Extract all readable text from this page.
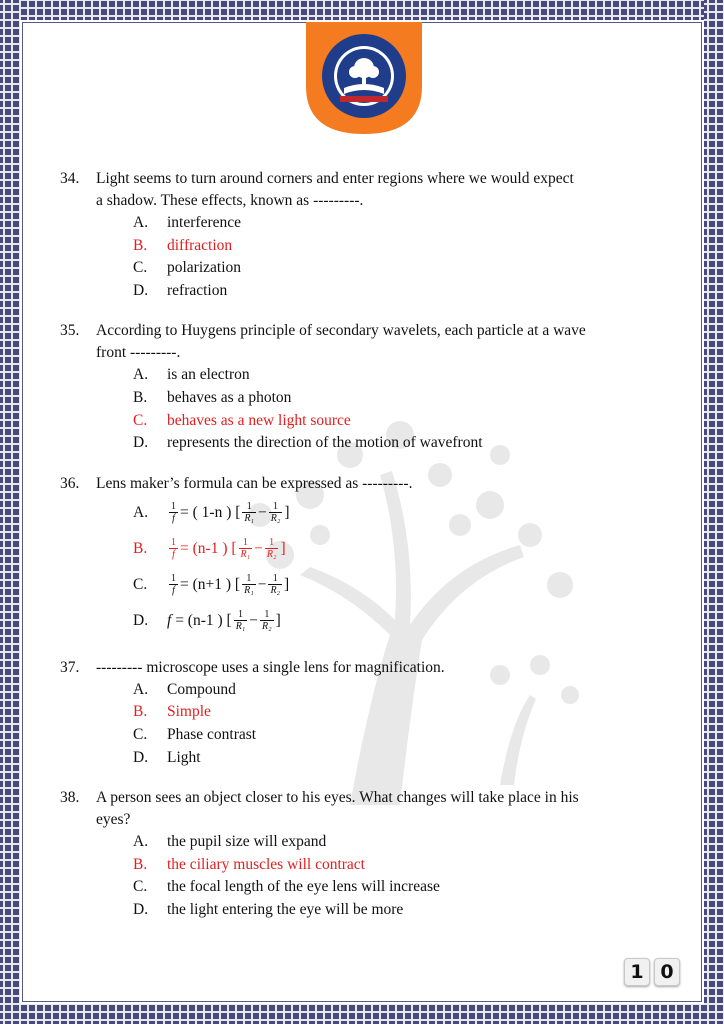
34.	Light seems to turn around corners and enter regions where we would expect
a shadow. These effects, known as ---------.
A.	interference
B.	diffraction
C.	polarization
D.	refraction
35.	According to Huygens principle of secondary wavelets, each particle at a wave
front ---------.
A.	is an electron
B.	behaves as a photon
C.	behaves as a new light source
D.	represents the direction of the motion of wavefront
36.	Lens maker’s formula can be expressed as ---------.
A.	$\frac{1}{f}$ = ( 1-n ) [ $\frac{1}{\text{R₁}} - \frac{1}{\text{R₂}}$ ]
B.	$\frac{1}{f} = (n-1$ ) [ $\frac{1}{\text{R₁}} - \frac{1}{\text{R₂}}$ ]
C.	$\frac{1}{f} = (n+1$ ) [ $\frac{1}{\text{R₁}} - \frac{1}{\text{R₂}}$ ]
D.	f
= (n-1 ) [ $\frac{1}{\text{R₁}} - \frac{1}{\text{R₂}}$ ]
37.	--------- microscope uses a single lens for magnification.
A.	Compound
B.	Simple
C.	Phase contrast
D.	Light
38.	A person sees an object closer to his eyes. What changes will take place in his
eyes?
A.	the pupil size will expand
B.	the ciliary muscles will contract
C.	the focal length of the eye lens will increase
D.	the light entering the eye will be more
1 0
